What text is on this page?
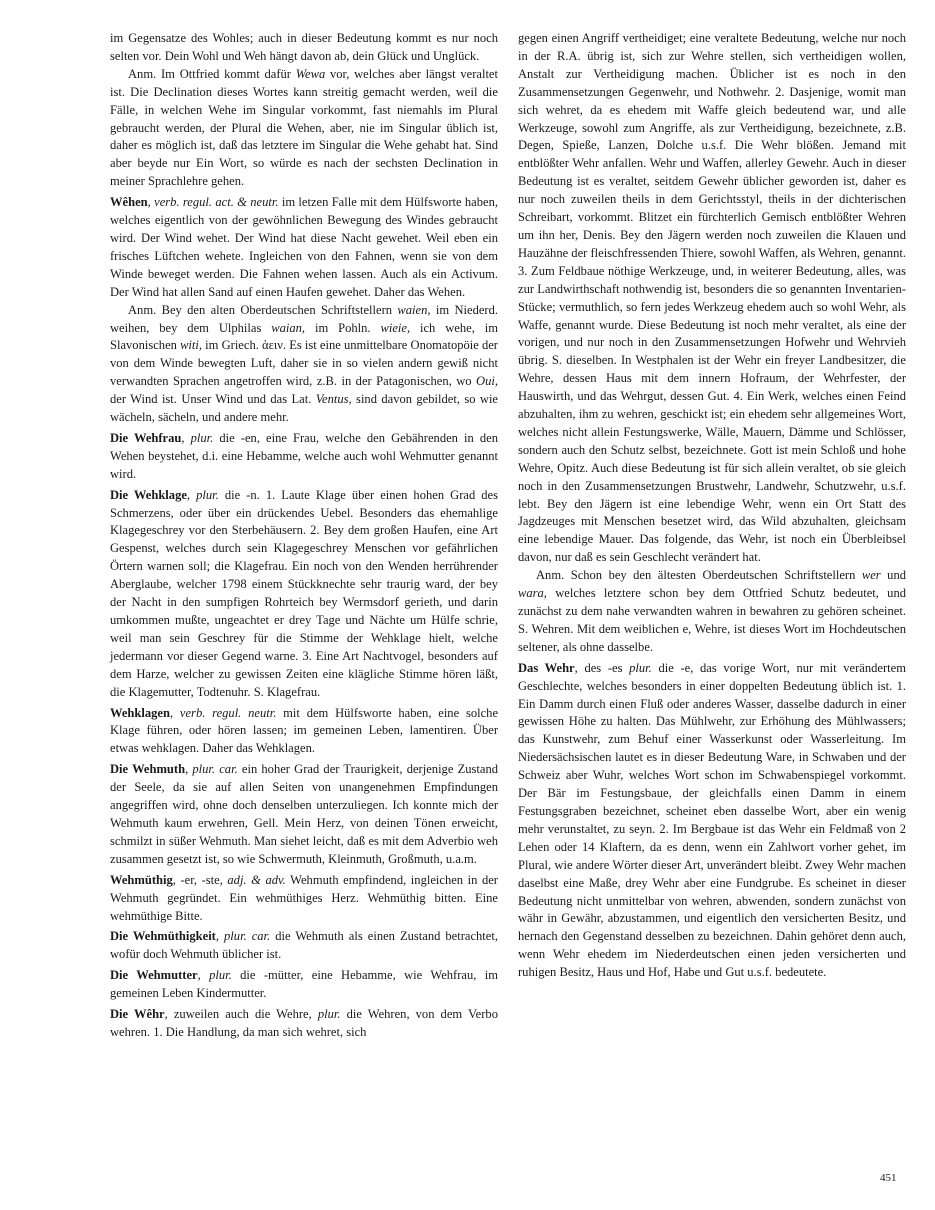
im Gegensatze des Wohles; auch in dieser Bedeutung kommt es nur noch selten vor. Dein Wohl und Weh hängt davon ab, dein Glück und Unglück.

Anm. Im Ottfried kommt dafür Wewa vor, welches aber längst veraltet ist. Die Declination dieses Wortes kann streitig gemacht werden, weil die Fälle, in welchen Wehe im Singular vorkommt, fast niemahls im Plural gebraucht werden, der Plural die Wehen, aber, nie im Singular üblich ist, daher es möglich ist, daß das letztere im Singular die Wehe gehabt hat. Sind aber beyde nur Ein Wort, so würde es nach der sechsten Declination in meiner Sprachlehre gehen.

Wêhen, verb. regul. act. & neutr. im letzen Falle mit dem Hülfsworte haben, welches eigentlich von der gewöhnlichen Bewegung des Windes gebraucht wird. Der Wind wehet. Der Wind hat diese Nacht gewehet. Weil eben ein frisches Lüftchen wehete. Ingleichen von den Fahnen, wenn sie von dem Winde beweget werden. Die Fahnen wehen lassen. Auch als ein Activum. Der Wind hat allen Sand auf einen Haufen gewehet. Daher das Wehen.

Anm. Bey den alten Oberdeutschen Schriftstellern waien, im Niederd. weihen, bey dem Ulphilas waian, im Pohln. wieie, ich wehe, im Slavonischen witi, im Griech. ἀειν. Es ist eine unmittelbare Onomatopöie der von dem Winde bewegten Luft, daher sie in so vielen andern gewiß nicht verwandten Sprachen angetroffen wird, z.B. in der Patagonischen, wo Oui, der Wind ist. Unser Wind und das Lat. Ventus, sind davon gebildet, so wie wächeln, sächeln, und andere mehr.

Die Wehfrau, plur. die -en, eine Frau, welche den Gebährenden in den Wehen beystehet, d.i. eine Hebamme, welche auch wohl Wehmutter genannt wird.

Die Wehklage, plur. die -n. 1. Laute Klage über einen hohen Grad des Schmerzens, oder über ein drückendes Uebel. Besonders das ehemahlige Klagegeschrey vor den Sterbehäusern. 2. Bey dem großen Haufen, eine Art Gespenst, welches durch sein Klagegeschrey Menschen vor gefährlichen Örtern warnen soll; die Klagefrau. Ein noch von den Wenden herrührender Aberglaube, welcher 1798 einem Stückknechte sehr traurig ward, der bey der Nacht in den sumpfigen Rohrteich bey Wermsdorf gerieth, und darin umkommen mußte, ungeachtet er drey Tage und Nächte um Hülfe schrie, weil man sein Geschrey für die Stimme der Wehklage hielt, welche jedermann vor dieser Gegend warne. 3. Eine Art Nachtvogel, besonders auf dem Harze, welcher zu gewissen Zeiten eine klägliche Stimme hören läßt, die Klagemutter, Todtenuhr. S. Klagefrau.

Wehklagen, verb. regul. neutr. mit dem Hülfsworte haben, eine solche Klage führen, oder hören lassen; im gemeinen Leben, lamentiren. Über etwas wehklagen. Daher das Wehklagen.

Die Wehmuth, plur. car. ein hoher Grad der Traurigkeit, derjenige Zustand der Seele, da sie auf allen Seiten von unangenehmen Empfindungen angegriffen wird, ohne doch denselben unterzuliegen. Ich konnte mich der Wehmuth kaum erwehren, Gell. Mein Herz, von deinen Tönen erweicht, schmilzt in süßer Wehmuth. Man siehet leicht, daß es mit dem Adverbio weh zusammen gesetzt ist, so wie Schwermuth, Kleinmuth, Großmuth, u.a.m.

Wehmüthig, -er, -ste, adj. & adv. Wehmuth empfindend, ingleichen in der Wehmuth gegründet. Ein wehmüthiges Herz. Wehmüthig bitten. Eine wehmüthige Bitte.

Die Wehmüthigkeit, plur. car. die Wehmuth als einen Zustand betrachtet, wofür doch Wehmuth üblicher ist.

Die Wehmutter, plur. die -mütter, eine Hebamme, wie Wehfrau, im gemeinen Leben Kindermutter.

Die Wêhr, zuweilen auch die Wehre, plur. die Wehren, von dem Verbo wehren. 1. Die Handlung, da man sich wehret, sich

gegen einen Angriff vertheidiget; eine veraltete Bedeutung, welche nur noch in der R.A. übrig ist, sich zur Wehre stellen, sich vertheidigen wollen, Anstalt zur Vertheidigung machen. Üblicher ist es noch in den Zusammensetzungen Gegenwehr, und Nothwehr. 2. Dasjenige, womit man sich wehret, da es ehedem mit Waffe gleich bedeutend war, und alle Werkzeuge, sowohl zum Angriffe, als zur Vertheidigung, bezeichnete, z.B. Degen, Spieße, Lanzen, Dolche u.s.f. Die Wehr blößen. Jemand mit entblößter Wehr anfallen. Wehr und Waffen, allerley Gewehr. Auch in dieser Bedeutung ist es veraltet, seitdem Gewehr üblicher geworden ist, daher es nur noch zuweilen theils in dem Gerichtsstyl, theils in der dichterischen Schreibart, vorkommt. Blitzet ein fürchterlich Gemisch entblößter Wehren um ihn her, Denis. Bey den Jägern werden noch zuweilen die Klauen und Hauzähne der fleischfressenden Thiere, sowohl Waffen, als Wehren, genannt. 3. Zum Feldbaue nöthige Werkzeuge, und, in weiterer Bedeutung, alles, was zur Landwirthschaft nothwendig ist, besonders die so genannten Inventarien-Stücke; vermuthlich, so fern jedes Werkzeug ehedem auch so wohl Wehr, als Waffe, genannt wurde. Diese Bedeutung ist noch mehr veraltet, als eine der vorigen, und nur noch in den Zusammensetzungen Hofwehr und Wehrvieh übrig. S. dieselben. In Westphalen ist der Wehr ein freyer Landbesitzer, die Wehre, dessen Haus mit dem innern Hofraum, der Wehrfester, der Hauswirth, und das Wehrgut, dessen Gut. 4. Ein Werk, welches einen Feind abzuhalten, ihm zu wehren, geschickt ist; ein ehedem sehr allgemeines Wort, welches nicht allein Festungswerke, Wälle, Mauern, Dämme und Schlösser, sondern auch den Schutz selbst, bezeichnete. Gott ist mein Schloß und hohe Wehre, Opitz. Auch diese Bedeutung ist für sich allein veraltet, ob sie gleich noch in den Zusammensetzungen Brustwehr, Landwehr, Schutzwehr, u.s.f. lebt. Bey den Jägern ist eine lebendige Wehr, wenn ein Ort Statt des Jagdzeuges mit Menschen besetzet wird, das Wild abzuhalten, gleichsam eine lebendige Mauer. Das folgende, das Wehr, ist noch ein Überbleibsel davon, nur daß es sein Geschlecht verändert hat.

Anm. Schon bey den ältesten Oberdeutschen Schriftstellern wer und wara, welches letztere schon bey dem Ottfried Schutz bedeutet, und zunächst zu dem nahe verwandten wahren in bewahren zu gehören scheinet. S. Wehren. Mit dem weiblichen e, Wehre, ist dieses Wort im Hochdeutschen seltener, als ohne dasselbe.

Das Wehr, des -es plur. die -e, das vorige Wort, nur mit verändertem Geschlechte, welches besonders in einer doppelten Bedeutung üblich ist. 1. Ein Damm durch einen Fluß oder anderes Wasser, dasselbe dadurch in einer gewissen Höhe zu halten. Das Mühlwehr, zur Erhöhung des Mühlwassers; das Kunstwehr, zum Behuf einer Wasserkunst oder Wasserleitung. Im Niedersächsischen lautet es in dieser Bedeutung Ware, in Schwaben und der Schweiz aber Wuhr, welches Wort schon im Schwabenspiegel vorkommt. Der Bär im Festungsbaue, der gleichfalls einen Damm in einem Festungsgraben bezeichnet, scheinet eben dasselbe Wort, aber ein wenig mehr verunstaltet, zu seyn. 2. Im Bergbaue ist das Wehr ein Feldmaß von 2 Lehen oder 14 Klaftern, da es denn, wenn ein Zahlwort vorher gehet, im Plural, wie andere Wörter dieser Art, unverändert bleibt. Zwey Wehr machen daselbst eine Maße, drey Wehr aber eine Fundgrube. Es scheinet in dieser Bedeutung nicht unmittelbar von wehren, abwenden, sondern zunächst von währ in Gewähr, abzustammen, und eigentlich den versicherten Besitz, und hernach den Gegenstand desselben zu bezeichnen. Dahin gehöret denn auch, wenn Wehr ehedem im Niederdeutschen einen jeden versicherten und ruhigen Besitz, Haus und Hof, Habe und Gut u.s.f. bedeutete.

451
